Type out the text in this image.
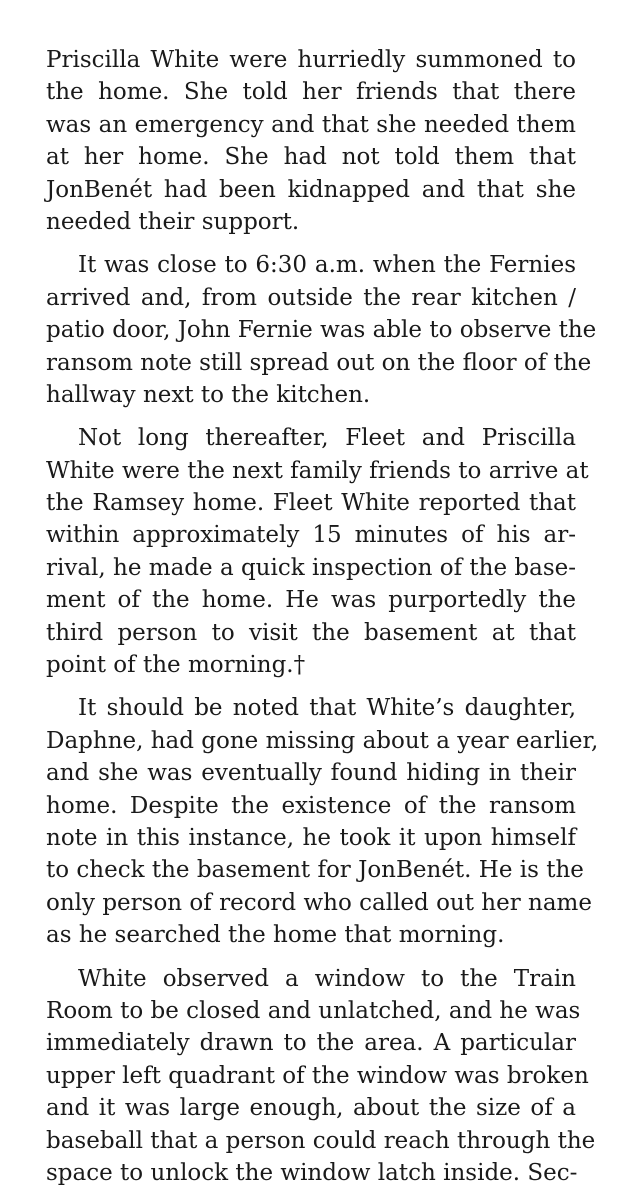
Priscilla White were hurriedly summoned to
the home. She told her friends that there
was an emergency and that she needed them
at her home. She had not told them that
JonBenét had been kidnapped and that she
needed their support.
It was close to 6:30 a.m. when the Fernies
arrived and, from outside the rear kitchen /
patio door, John Fernie was able to observe the
ransom note still spread out on the floor of the
hallway next to the kitchen.
Not long thereafter, Fleet and Priscilla
White were the next family friends to arrive at
the Ramsey home. Fleet White reported that
within approximately 15 minutes of his ar-
rival, he made a quick inspection of the base-
ment of the home. He was purportedly the
third person to visit the basement at that
point of the morning.†
It should be noted that White’s daughter,
Daphne, had gone missing about a year earlier,
and she was eventually found hiding in their
home. Despite the existence of the ransom
note in this instance, he took it upon himself
to check the basement for JonBenét. He is the
only person of record who called out her name
as he searched the home that morning.
White observed a window to the Train
Room to be closed and unlatched, and he was
immediately drawn to the area. A particular
upper left quadrant of the window was broken
and it was large enough, about the size of a
baseball that a person could reach through the
space to unlock the window latch inside. Sec-
